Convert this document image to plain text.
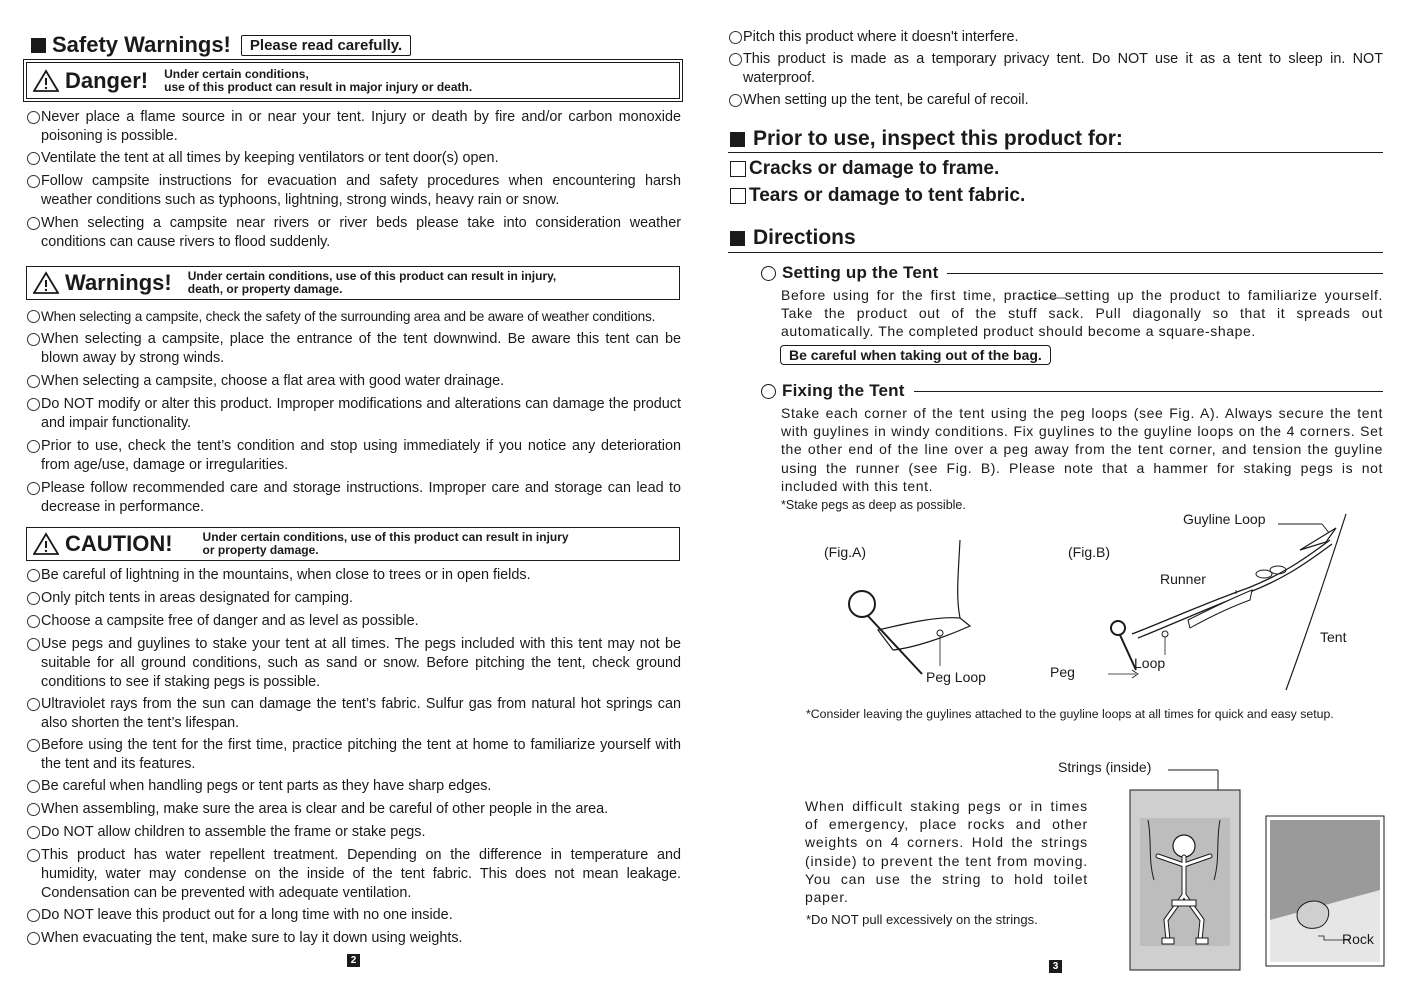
Safety Warnings!	Please read carefully.
Danger! Under certain conditions,
use of this product can result in major injury or death.
Never place a flame source in or near your tent. Injury or death by fire and/or carbon monoxide poisoning is possible.
Ventilate the tent at all times by keeping ventilators or tent door(s) open.
Follow campsite instructions for evacuation and safety procedures when encountering harsh weather conditions such as typhoons, lightning, strong winds, heavy rain or snow.
When selecting a campsite near rivers or river beds please take into consideration weather conditions can cause rivers to flood suddenly.
Warnings! Under certain conditions, use of this product can result in injury,
death, or property damage.
When selecting a campsite, check the safety of the surrounding area and be aware of weather conditions.
When selecting a campsite, place the entrance of the tent downwind. Be aware this tent can be blown away by strong winds.
When selecting a campsite, choose a flat area with good water drainage.
Do NOT modify or alter this product. Improper modifications and alterations can damage the product and impair functionality.
Prior to use, check the tent’s condition and stop using immediately if you notice any deterioration from age/use, damage or irregularities.
Please follow recommended care and storage instructions. Improper care and storage can lead to decrease in performance.
CAUTION!	Under certain conditions, use of this product can result in injury
or property damage.
Be careful of lightning in the mountains, when close to trees or in open fields.
Only pitch tents in areas designated for camping.
Choose a campsite free of danger and as level as possible.
Use pegs and guylines to stake your tent at all times. The pegs included with this tent may not be suitable for all ground conditions, such as sand or snow. Before pitching the tent, check ground conditions to see if staking pegs is possible.
Ultraviolet rays from the sun can damage the tent’s fabric. Sulfur gas from natural hot springs can also shorten the tent’s lifespan.
Before using the tent for the first time, practice pitching the tent at home to familiarize yourself with the tent and its features.
Be careful when handling pegs or tent parts as they have sharp edges.
When assembling, make sure the area is clear and be careful of other people in the area.
Do NOT allow children to assemble the frame or stake pegs.
This product has water repellent treatment. Depending on the difference in temperature and humidity, water may condense on the inside of the tent fabric. This does not mean leakage. Condensation can be prevented with adequate ventilation.
Do NOT leave this product out for a long time with no one inside.
When evacuating the tent, make sure to lay it down using weights.
2
Pitch this product where it doesn't interfere.
This product is made as a temporary privacy tent. Do NOT use it as a tent to sleep in. NOT waterproof.
When setting up the tent, be careful of recoil.
Prior to use, inspect this product for:
Cracks or damage to frame.
Tears or damage to tent fabric.
Directions
Setting up the Tent
Before using for the first time, practice setting up the product to familiarize yourself. Take the product out of the stuff sack. Pull diagonally so that it spreads out automatically. The completed product should become a square-shape.
Be careful when taking out of the bag.
Fixing the Tent
Stake each corner of the tent using the peg loops (see Fig. A). Always secure the tent with guylines in windy conditions. Fix guylines to the guyline loops on the 4 corners. Set the other end of the line over a peg away from the tent corner, and tension the guyline using the runner (see Fig. B). Please note that a hammer for staking pegs is not included with this tent.
*Stake pegs as deep as possible.
(Fig.A)
Peg Loop
(Fig.B)
Guyline Loop
Runner
Tent
Peg
Loop
*Consider leaving the guylines attached to the guyline loops at all times for quick and easy setup.
Strings (inside)
When difficult staking pegs or in times of emergency, place rocks and other weights on 4 corners. Hold the strings (inside) to prevent the tent from moving. You can use the string to hold toilet paper.
*Do NOT pull excessively on the strings.
Rock
3
